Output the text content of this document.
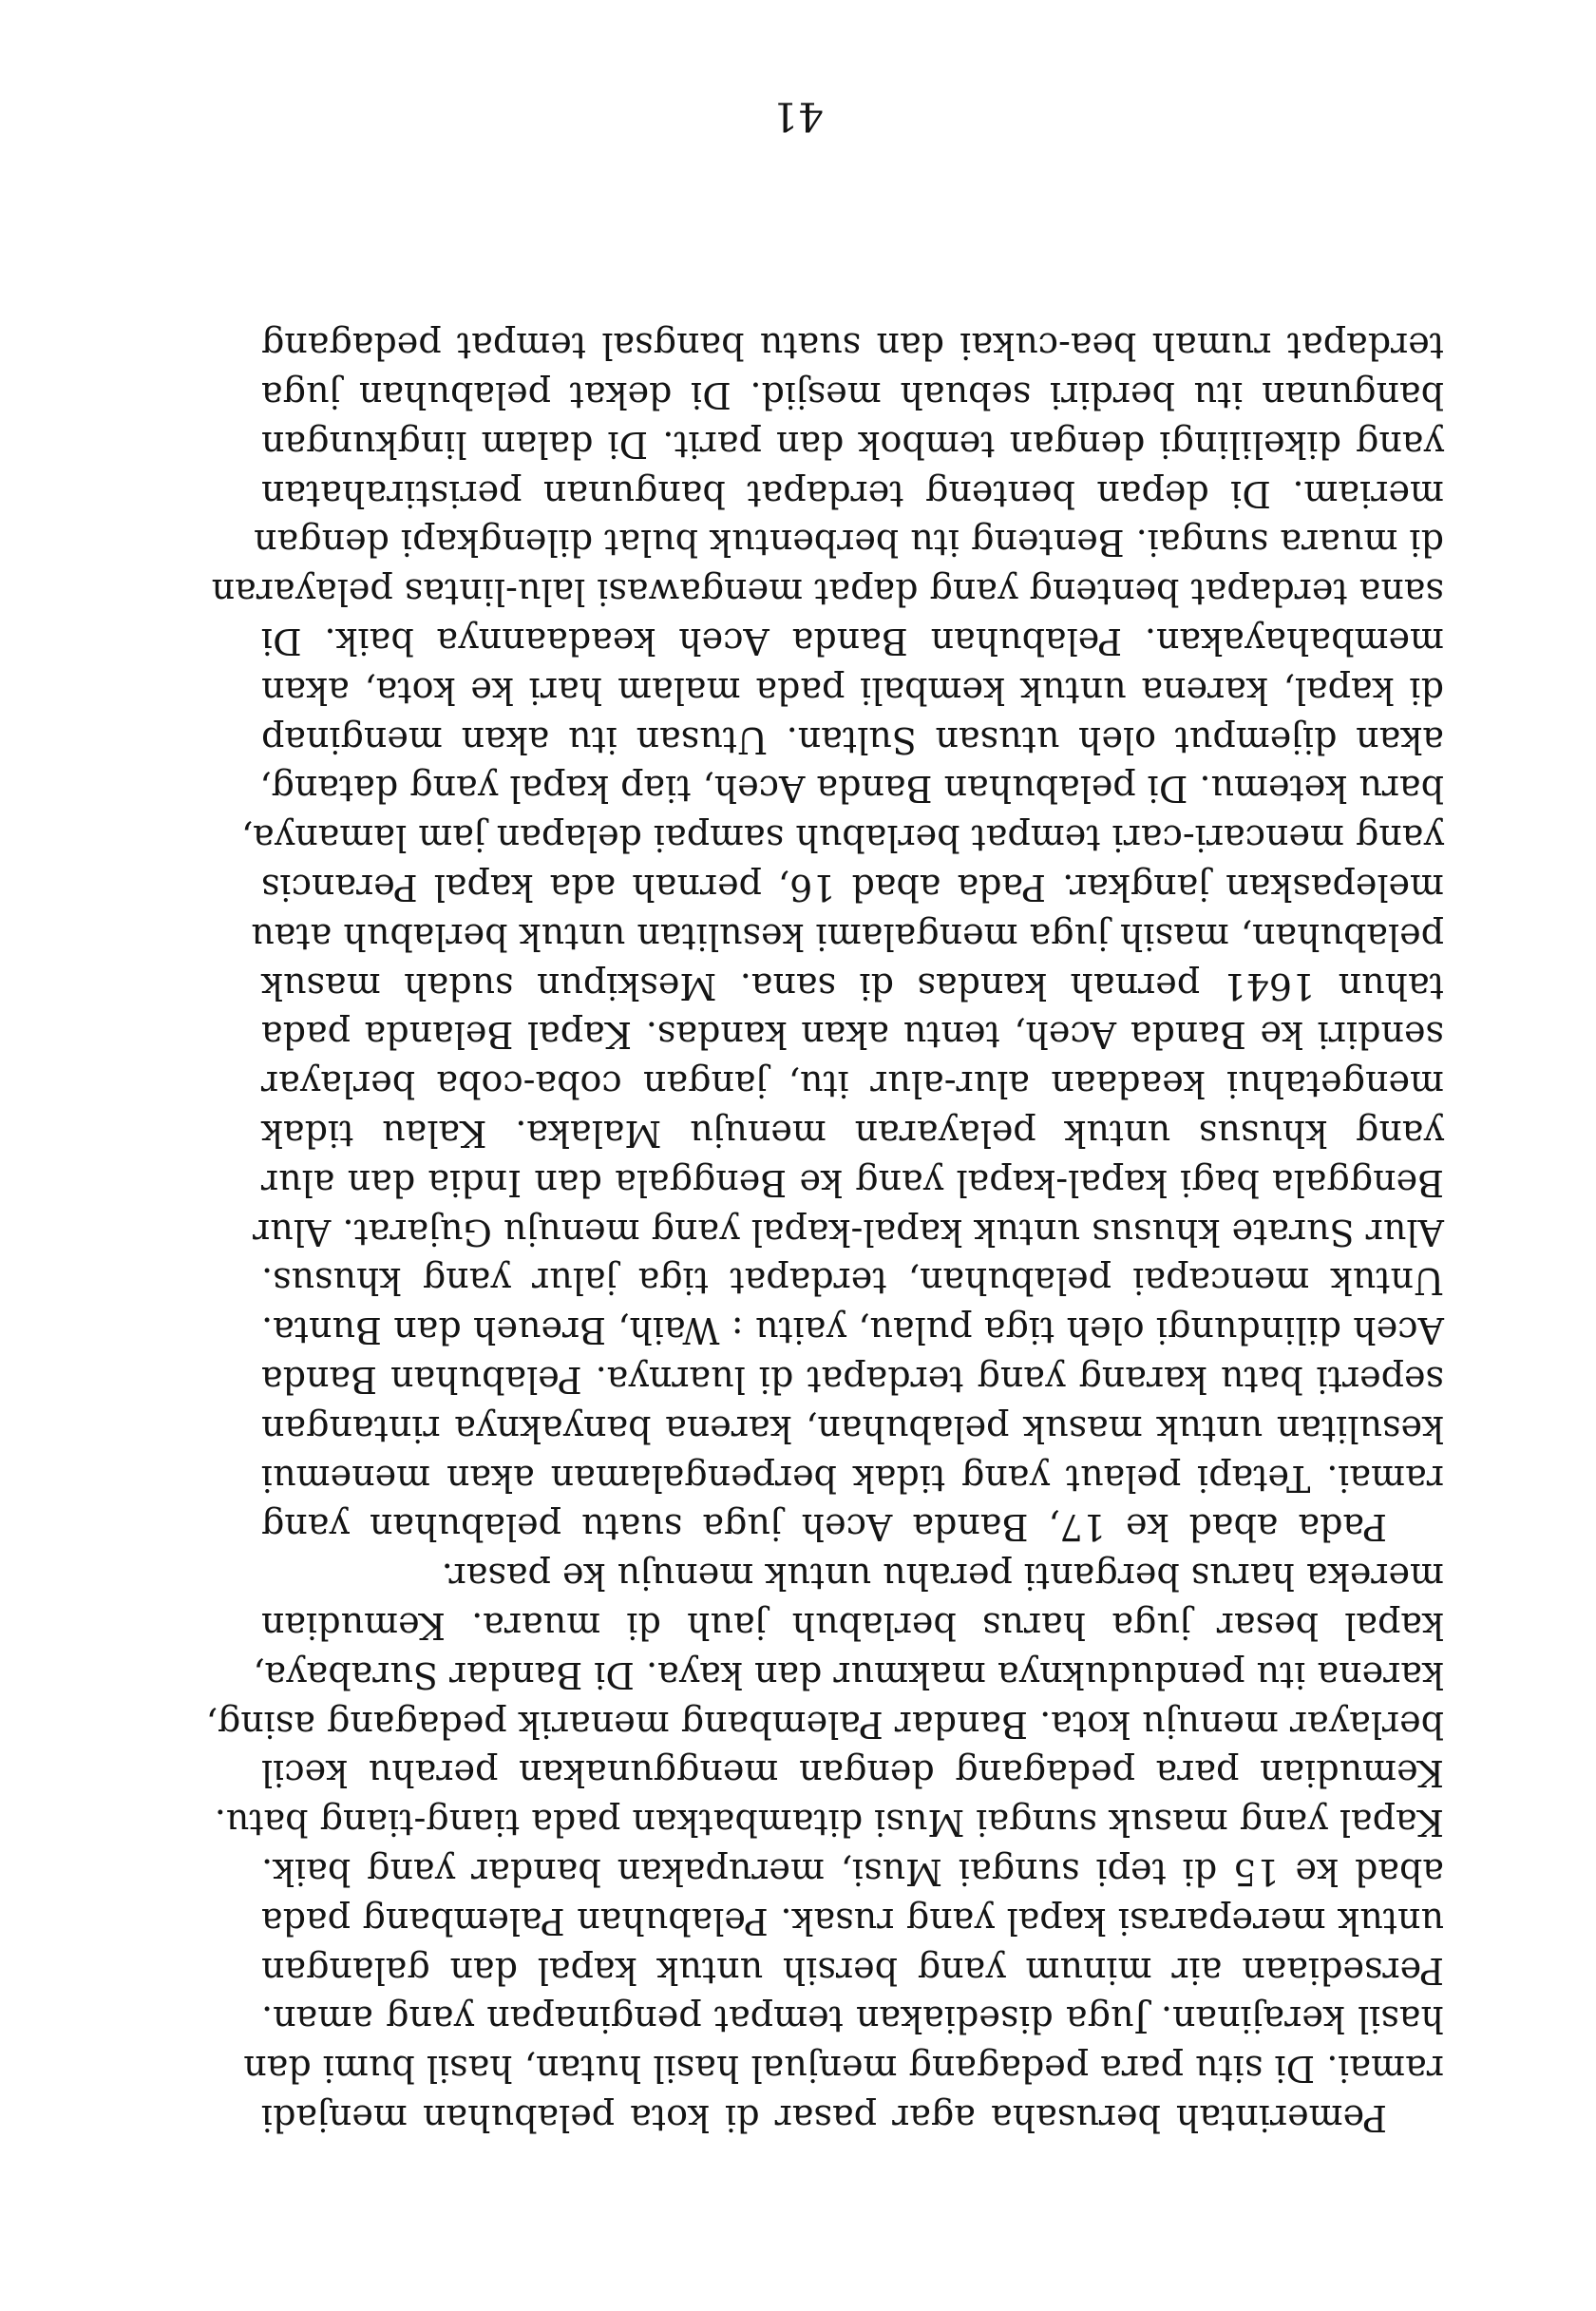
Pemerintah berusaha agar pasar di kota pelabuhan menjadi
ramai. Di situ para pedagang menjual hasil hutan, hasil bumi dan
hasil kerajinan. Juga disediakan tempat penginapan yang aman.
Persediaan air minum yang bersih untuk kapal dan galangan
untuk mereparasi kapal yang rusak. Pelabuhan Palembang pada
abad ke 15 di tepi sungai Musi, merupakan bandar yang baik.
Kapal yang masuk sungai Musi ditambatkan pada tiang-tiang batu.
Kemudian para pedagang dengan menggunakan perahu kecil
berlayar menuju kota. Bandar Palembang menarik pedagang asing,
karena itu penduduknya makmur dan kaya. Di Bandar Surabaya,
kapal besar juga harus berlabuh jauh di muara. Kemudian
mereka harus berganti perahu untuk menuju ke pasar.
Pada abad ke 17, Banda Aceh juga suatu pelabuhan yang
ramai. Tetapi pelaut yang tidak berpengalaman akan menemui
kesulitan untuk masuk pelabuhan, karena banyaknya rintangan
seperti batu karang yang terdapat di luarnya. Pelabuhan Banda
Aceh dilindungi oleh tiga pulau, yaitu : Waih, Breueh dan Bunta.
Untuk mencapai pelabuhan, terdapat tiga jalur yang khusus.
Alur Surate khusus untuk kapal-kapal yang menuju Gujarat. Alur
Benggala bagi kapal-kapal yang ke Benggala dan India dan alur
yang khusus untuk pelayaran menuju Malaka. Kalau tidak
mengetahui keadaan alur-alur itu, jangan coba-coba berlayar
sendiri ke Banda Aceh, tentu akan kandas. Kapal Belanda pada
tahun 1641 pernah kandas di sana. Meskipun sudah masuk
pelabuhan, masih juga mengalami kesulitan untuk berlabuh atau
melepaskan jangkar. Pada abad 16, pernah ada kapal Perancis
yang mencari-cari tempat berlabuh sampai delapan jam lamanya,
baru ketemu. Di pelabuhan Banda Aceh, tiap kapal yang datang,
akan dijemput oleh utusan Sultan. Utusan itu akan menginap
di kapal, karena untuk kembali pada malam hari ke kota, akan
membahayakan. Pelabuhan Banda Aceh keadaannya baik. Di
sana terdapat benteng yang dapat mengawasi lalu-lintas pelayaran
di muara sungai. Benteng itu berbentuk bulat dilengkapi dengan
meriam. Di depan benteng terdapat bangunan peristirahatan
yang dikelilingi dengan tembok dan parit. Di dalam lingkungan
bangunan itu berdiri sebuah mesjid. Di dekat pelabuhan juga
terdapat rumah bea-cukai dan suatu bangsal tempat pedagang
41
